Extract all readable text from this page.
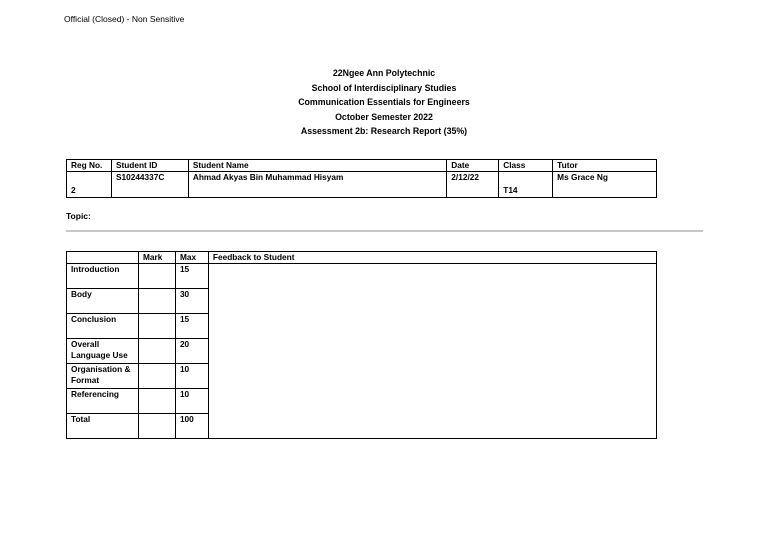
Official (Closed) - Non Sensitive
22Ngee Ann Polytechnic
School of Interdisciplinary Studies
Communication Essentials for Engineers
October Semester 2022
Assessment 2b: Research Report (35%)
Reg No.	Student ID	Student Name	Date	Class	Tutor
2	S10244337C	Ahmad Akyas Bin Muhammad Hisyam	2/12/22	T14	Ms Grace Ng
Topic:
	Mark	Max	Feedback to Student
Introduction		15	
Body		30	
Conclusion		15	
Overall Language Use		20	
Organisation & Format		10	
Referencing		10	
Total		100	
